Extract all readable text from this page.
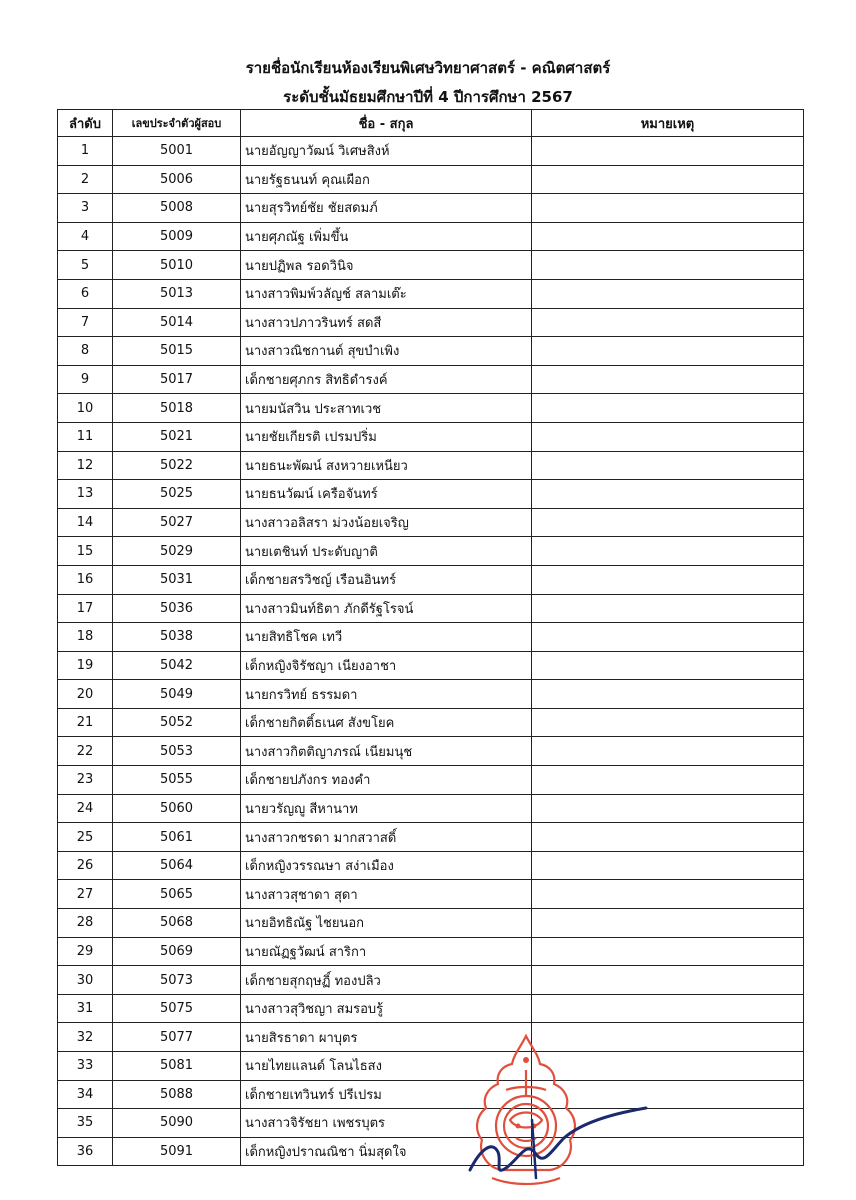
รายชื่อนักเรียนห้องเรียนพิเศษวิทยาศาสตร์ - คณิตศาสตร์
ระดับชั้นมัธยมศึกษาปีที่ 4 ปีการศึกษา 2567
ลำดับ	เลขประจำตัวผู้สอบ	ชื่อ - สกุล	หมายเหตุ
1	5001	นายอัญญาวัฒน์ วิเศษสิงห์	
2	5006	นายรัฐธนนท์ คุณเผือก	
3	5008	นายสุรวิทย์ชัย ชัยสดมภ์	
4	5009	นายศุภณัฐ เพิ่มขึ้น	
5	5010	นายปฏิพล รอดวินิจ	
6	5013	นางสาวพิมพ์วลัญช์ สลามเต๊ะ	
7	5014	นางสาวปภาวรินทร์ สดสี	
8	5015	นางสาวณิชกานต์ สุขบำเพิง	
9	5017	เด็กชายศุภกร สิทธิดำรงค์	
10	5018	นายมนัสวิน ประสาทเวช	
11	5021	นายชัยเกียรติ เปรมปริ่ม	
12	5022	นายธนะพัฒน์ สงหวายเหนียว	
13	5025	นายธนวัฒน์ เครือจันทร์	
14	5027	นางสาวอลิสรา ม่วงน้อยเจริญ	
15	5029	นายเตชินท์ ประดับญาติ	
16	5031	เด็กชายสรวิชญ์ เรือนอินทร์	
17	5036	นางสาวมินท์ธิตา ภักดีรัฐโรจน์	
18	5038	นายสิทธิโชค เทวี	
19	5042	เด็กหญิงจิรัชญา เนียงอาชา	
20	5049	นายกรวิทย์ ธรรมดา	
21	5052	เด็กชายกิตติ์ธเนศ สังขโยค	
22	5053	นางสาวกิตติญาภรณ์ เนียมนุช	
23	5055	เด็กชายปภังกร ทองคำ	
24	5060	นายวรัญญู สีหานาท	
25	5061	นางสาวกชรดา มากสวาสดิ์	
26	5064	เด็กหญิงวรรณษา สง่าเมือง	
27	5065	นางสาวสุชาดา สุดา	
28	5068	นายอิทธิณัฐ ไชยนอก	
29	5069	นายณัฏฐวัฒน์ สาริกา	
30	5073	เด็กชายสุกฤษฏิ์ ทองปลิว	
31	5075	นางสาวสุวิชญา สมรอบรู้	
32	5077	นายสิรธาดา ผาบุตร	
33	5081	นายไทยแลนด์ โลนไธสง	
34	5088	เด็กชายเทวินทร์ ปรีเปรม	
35	5090	นางสาวจิรัชยา เพชรบุตร	
36	5091	เด็กหญิงปราณณิชา นิ่มสุดใจ	
